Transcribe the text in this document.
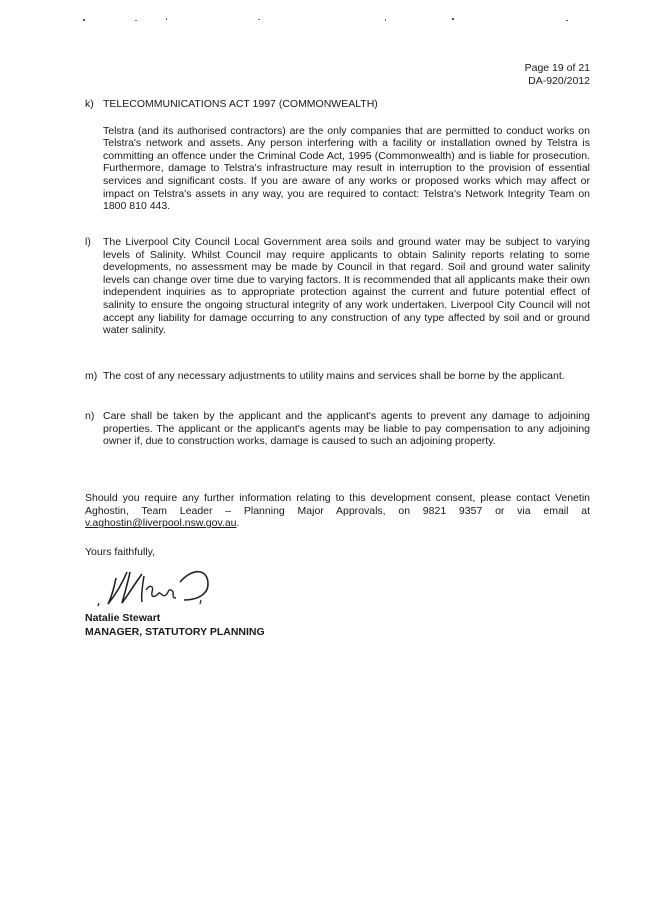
Page 19 of 21
DA-920/2012
k) TELECOMMUNICATIONS ACT 1997 (COMMONWEALTH)
Telstra (and its authorised contractors) are the only companies that are permitted to conduct works on Telstra's network and assets. Any person interfering with a facility or installation owned by Telstra is committing an offence under the Criminal Code Act, 1995 (Commonwealth) and is liable for prosecution. Furthermore, damage to Telstra's infrastructure may result in interruption to the provision of essential services and significant costs. If you are aware of any works or proposed works which may affect or impact on Telstra's assets in any way, you are required to contact: Telstra's Network Integrity Team on 1800 810 443.
l) The Liverpool City Council Local Government area soils and ground water may be subject to varying levels of Salinity. Whilst Council may require applicants to obtain Salinity reports relating to some developments, no assessment may be made by Council in that regard. Soil and ground water salinity levels can change over time due to varying factors. It is recommended that all applicants make their own independent inquiries as to appropriate protection against the current and future potential effect of salinity to ensure the ongoing structural integrity of any work undertaken. Liverpool City Council will not accept any liability for damage occurring to any construction of any type affected by soil and or ground water salinity.
m) The cost of any necessary adjustments to utility mains and services shall be borne by the applicant.
n) Care shall be taken by the applicant and the applicant's agents to prevent any damage to adjoining properties. The applicant or the applicant's agents may be liable to pay compensation to any adjoining owner if, due to construction works, damage is caused to such an adjoining property.
Should you require any further information relating to this development consent, please contact Venetin Aghostin, Team Leader – Planning Major Approvals, on 9821 9357 or via email at v.aghostin@liverpool.nsw.gov.au.
Yours faithfully,
Natalie Stewart
MANAGER, STATUTORY PLANNING
